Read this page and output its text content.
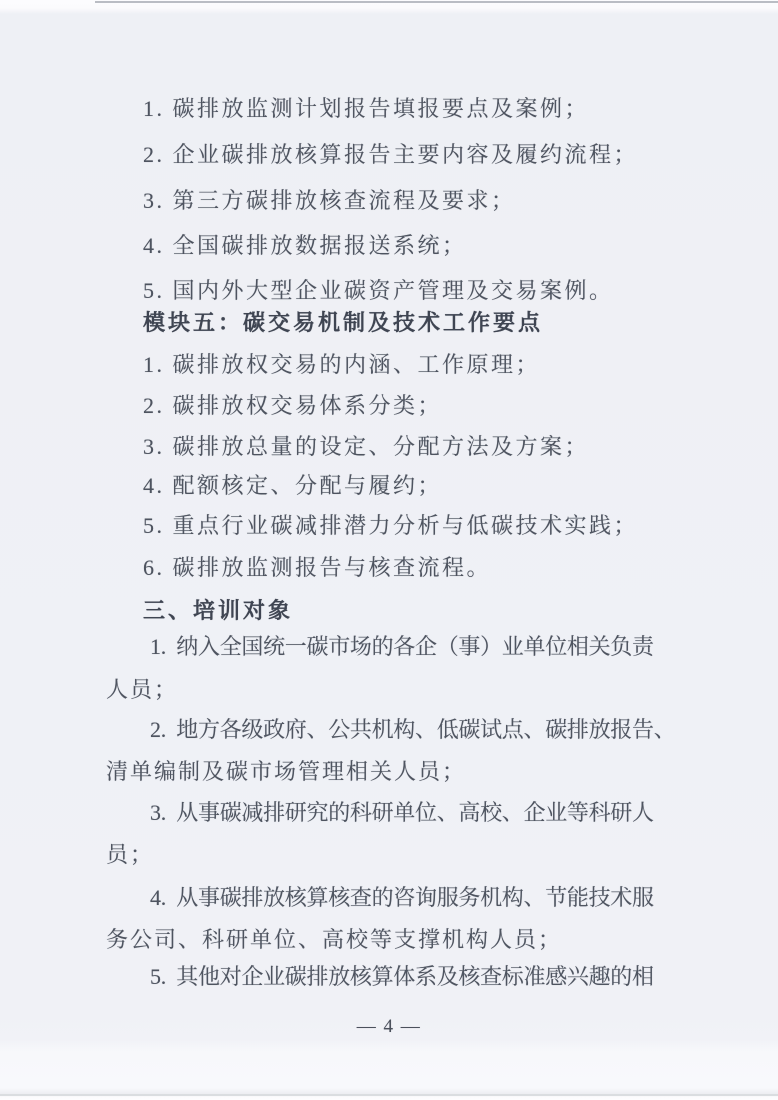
1. 碳排放监测计划报告填报要点及案例；
2. 企业碳排放核算报告主要内容及履约流程；
3. 第三方碳排放核查流程及要求；
4. 全国碳排放数据报送系统；
5. 国内外大型企业碳资产管理及交易案例。
模块五：碳交易机制及技术工作要点
1. 碳排放权交易的内涵、工作原理；
2. 碳排放权交易体系分类；
3. 碳排放总量的设定、分配方法及方案；
4. 配额核定、分配与履约；
5. 重点行业碳减排潜力分析与低碳技术实践；
6. 碳排放监测报告与核查流程。
三、培训对象
1.  纳入全国统一碳市场的各企（事）业单位相关负责
人员；
2.  地方各级政府、公共机构、低碳试点、碳排放报告、
清单编制及碳市场管理相关人员；
3.  从事碳减排研究的科研单位、高校、企业等科研人
员；
4.  从事碳排放核算核查的咨询服务机构、节能技术服
务公司、科研单位、高校等支撑机构人员；
5.  其他对企业碳排放核算体系及核查标准感兴趣的相
— 4 —
